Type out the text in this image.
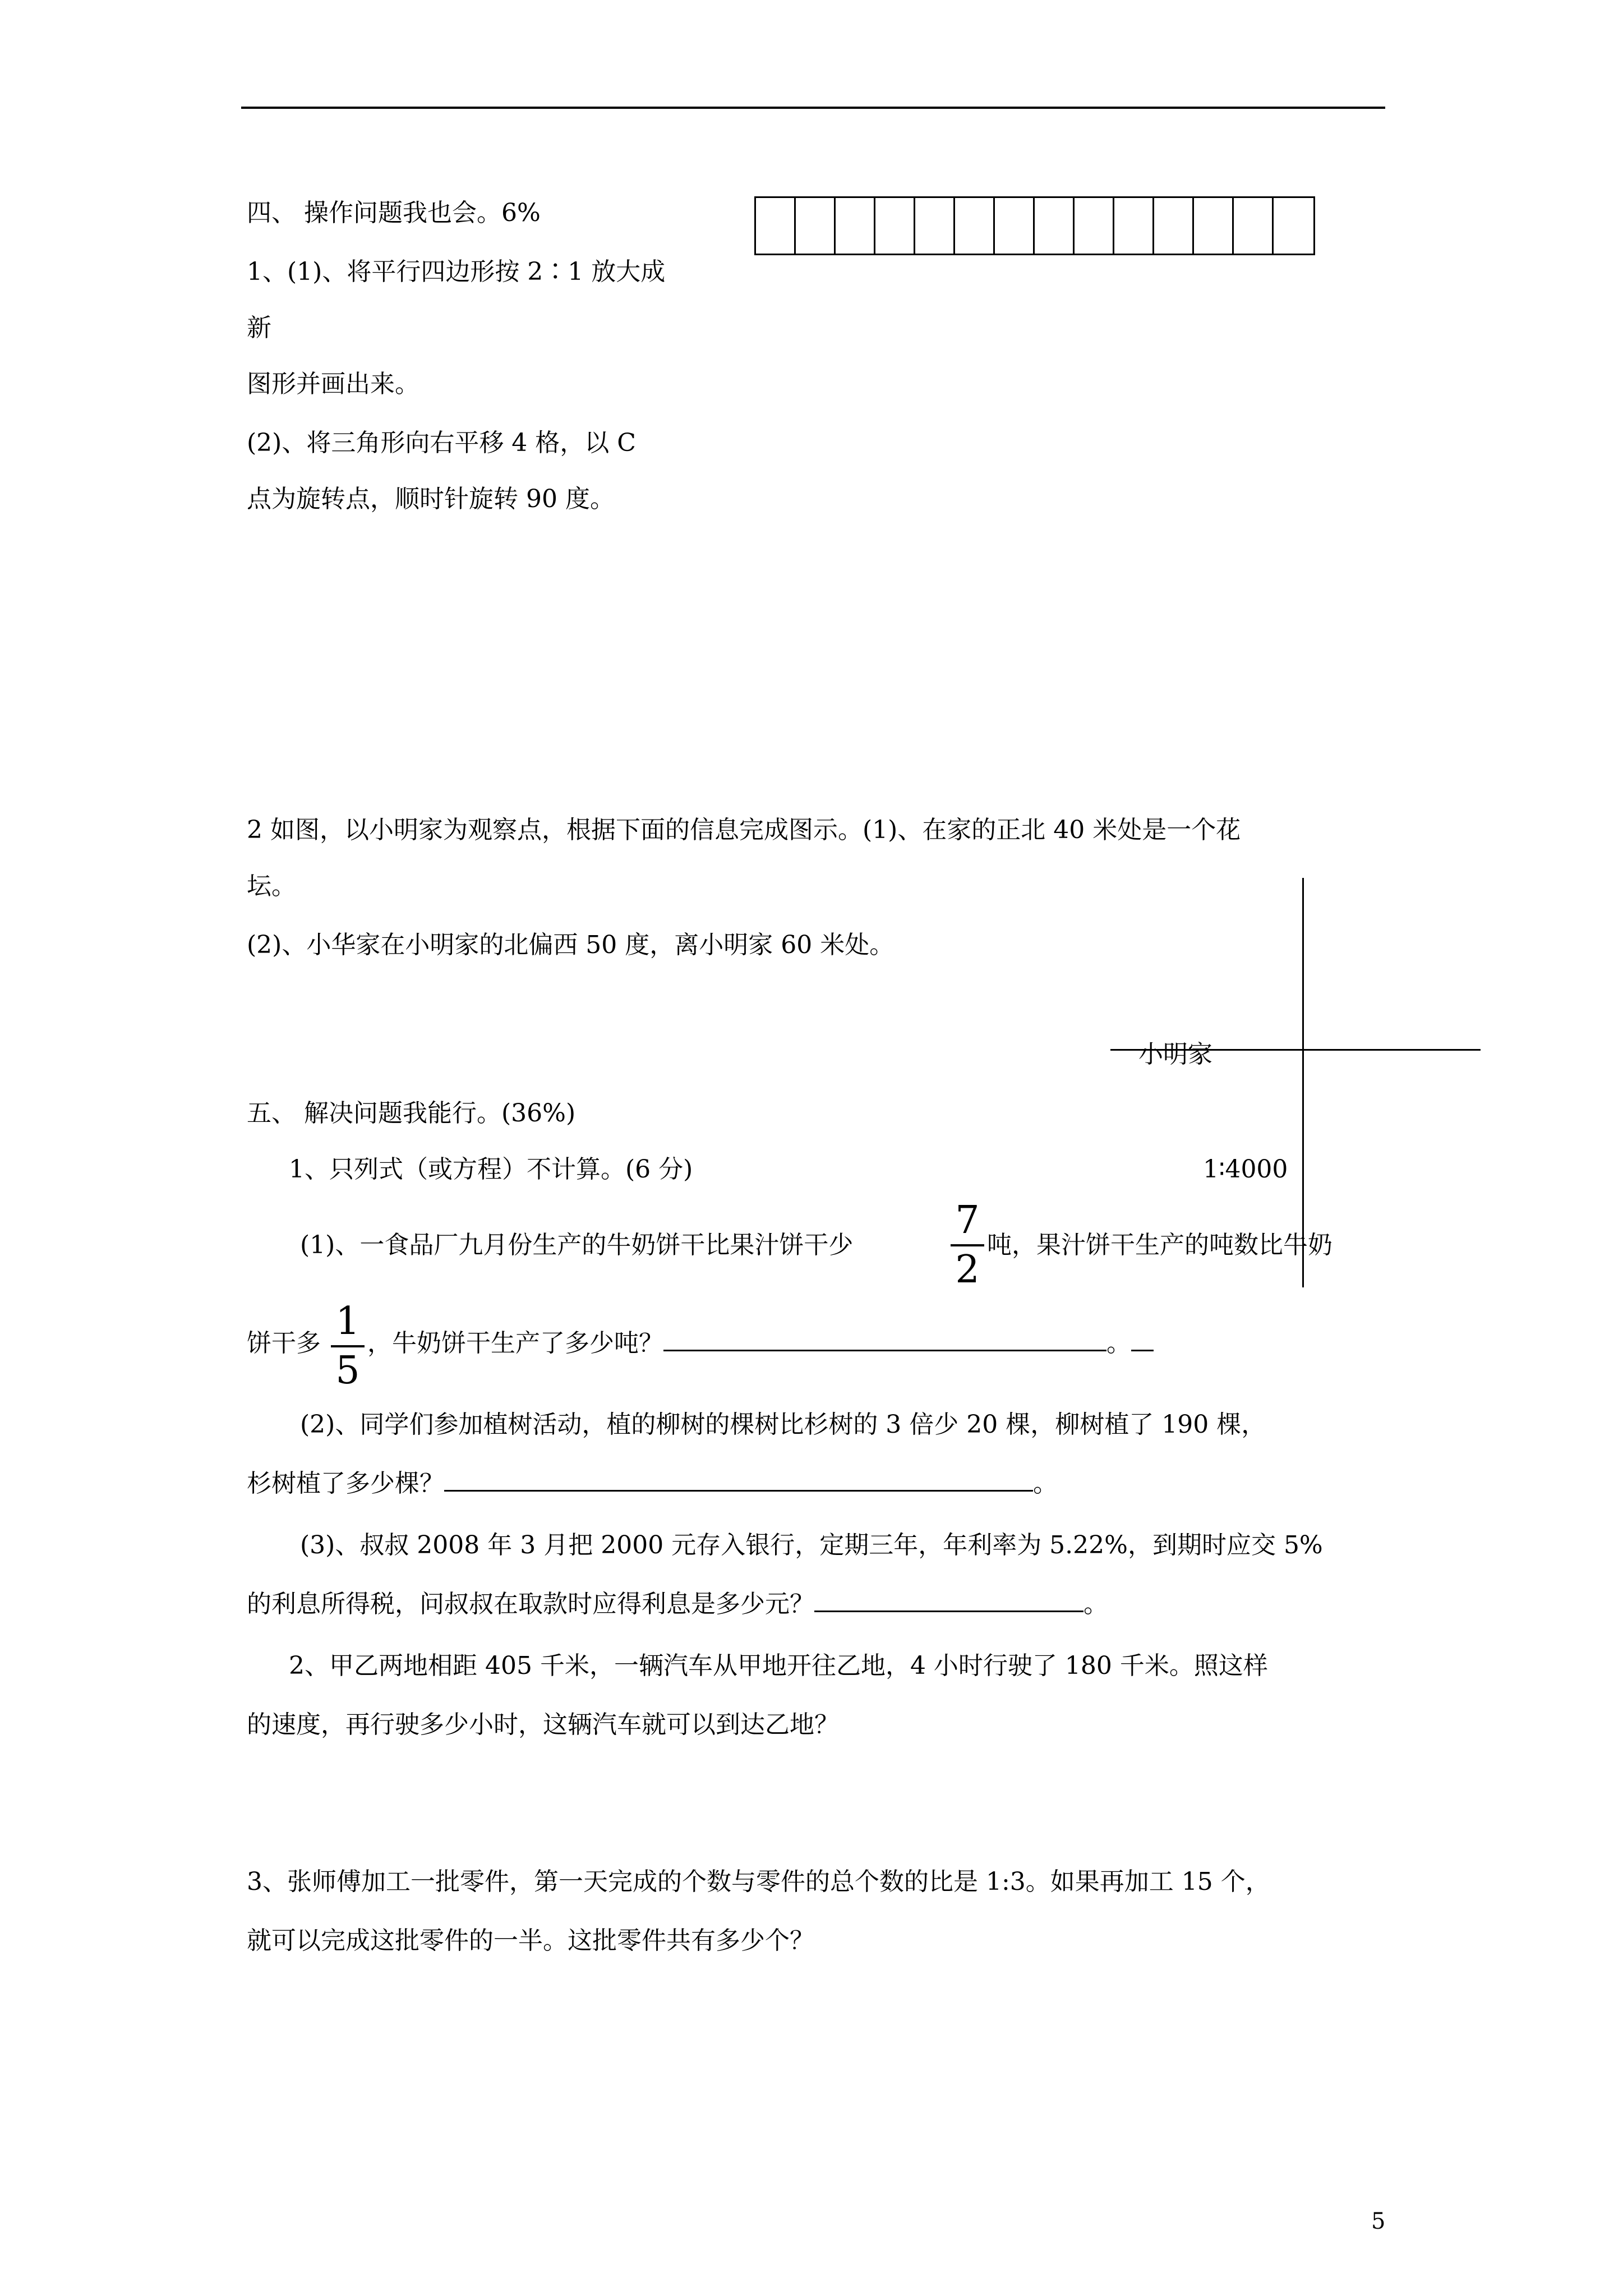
四、 操作问题我也会。6%
1、(1)、将平行四边形按 2∶1 放大成
新
图形并画出来。
(2)、将三角形向右平移 4 格，以 C
点为旋转点，顺时针旋转 90 度。
2 如图，以小明家为观察点，根据下面的信息完成图示。(1)、在家的正北 40 米处是一个花
坛。
(2)、小华家在小明家的北偏西 50 度，离小明家 60 米处。
小明家
1∶4000
五、 解决问题我能行。(36%)
1、只列式（或方程）不计算。(6 分)
(1)、一食品厂九月份生产的牛奶饼干比果汁饼干少
7
2
吨，果汁饼干生产的吨数比牛奶
饼干多 1
5
，牛奶饼干生产了多少吨？	。
(2)、同学们参加植树活动，植的柳树的棵树比杉树的 3 倍少 20 棵，柳树植了 190 棵，
杉树植了多少棵？	。
(3)、叔叔 2008 年 3 月把 2000 元存入银行，定期三年，年利率为 5.22%，到期时应交 5%
的利息所得税，问叔叔在取款时应得利息是多少元？	。
2、甲乙两地相距 405 千米，一辆汽车从甲地开往乙地，4 小时行驶了 180 千米。照这样
的速度，再行驶多少小时，这辆汽车就可以到达乙地？
3、张师傅加工一批零件，第一天完成的个数与零件的总个数的比是 1:3。如果再加工 15 个，
就可以完成这批零件的一半。这批零件共有多少个？
5
